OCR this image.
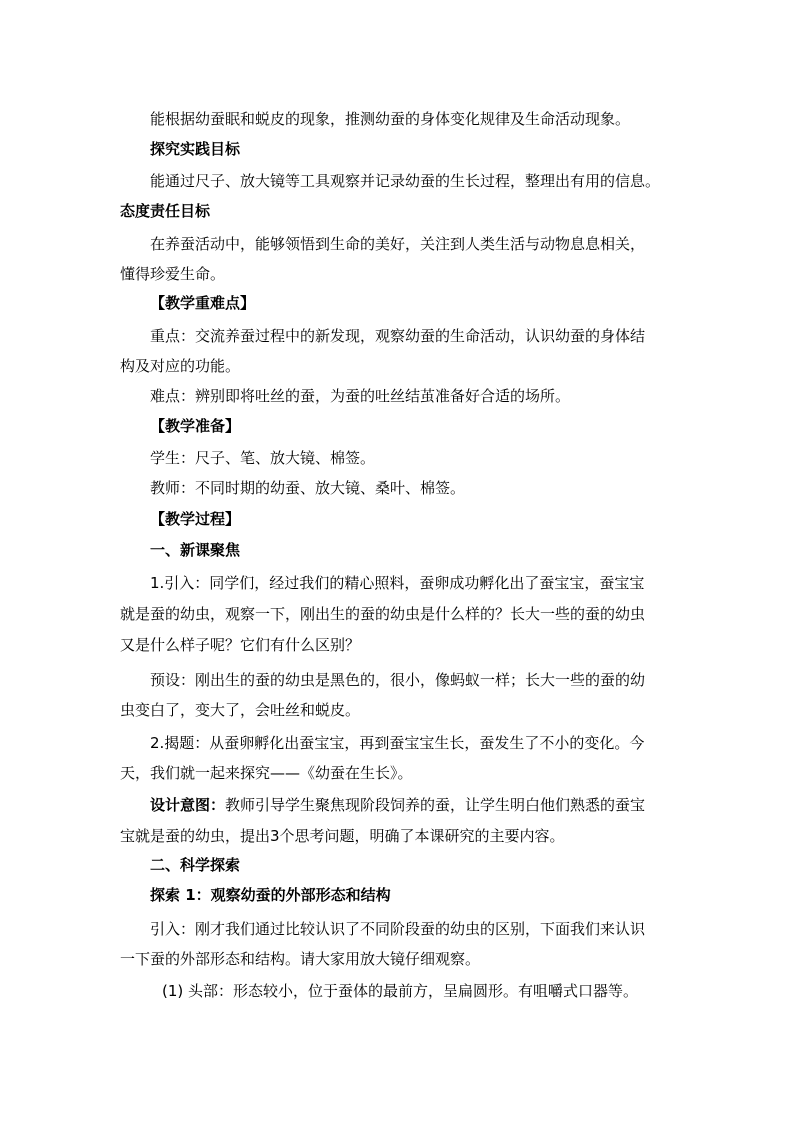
能根据幼蚕眠和蜕皮的现象，推测幼蚕的身体变化规律及生命活动现象。
探究实践目标
能通过尺子、放大镜等工具观察并记录幼蚕的生长过程，整理出有用的信息。
态度责任目标
在养蚕活动中，能够领悟到生命的美好，关注到人类生活与动物息息相关，
懂得珍爱生命。
【教学重难点】
重点：交流养蚕过程中的新发现，观察幼蚕的生命活动，认识幼蚕的身体结
构及对应的功能。
难点：辨别即将吐丝的蚕，为蚕的吐丝结茧准备好合适的场所。
【教学准备】
学生：尺子、笔、放大镜、棉签。
教师：不同时期的幼蚕、放大镜、桑叶、棉签。
【教学过程】
一、新课聚焦
1.引入：同学们，经过我们的精心照料，蚕卵成功孵化出了蚕宝宝，蚕宝宝
就是蚕的幼虫，观察一下，刚出生的蚕的幼虫是什么样的？长大一些的蚕的幼虫
又是什么样子呢？它们有什么区别？
预设：刚出生的蚕的幼虫是黑色的，很小，像蚂蚁一样；长大一些的蚕的幼
虫变白了，变大了，会吐丝和蜕皮。
2.揭题：从蚕卵孵化出蚕宝宝，再到蚕宝宝生长，蚕发生了不小的变化。今
天，我们就一起来探究——《幼蚕在生长》。
设计意图：教师引导学生聚焦现阶段饲养的蚕，让学生明白他们熟悉的蚕宝
宝就是蚕的幼虫，提出3个思考问题，明确了本课研究的主要内容。
二、科学探索
探索 1：观察幼蚕的外部形态和结构
引入：刚才我们通过比较认识了不同阶段蚕的幼虫的区别，下面我们来认识
一下蚕的外部形态和结构。请大家用放大镜仔细观察。
(1) 头部：形态较小，位于蚕体的最前方，呈扁圆形。有咀嚼式口器等。
